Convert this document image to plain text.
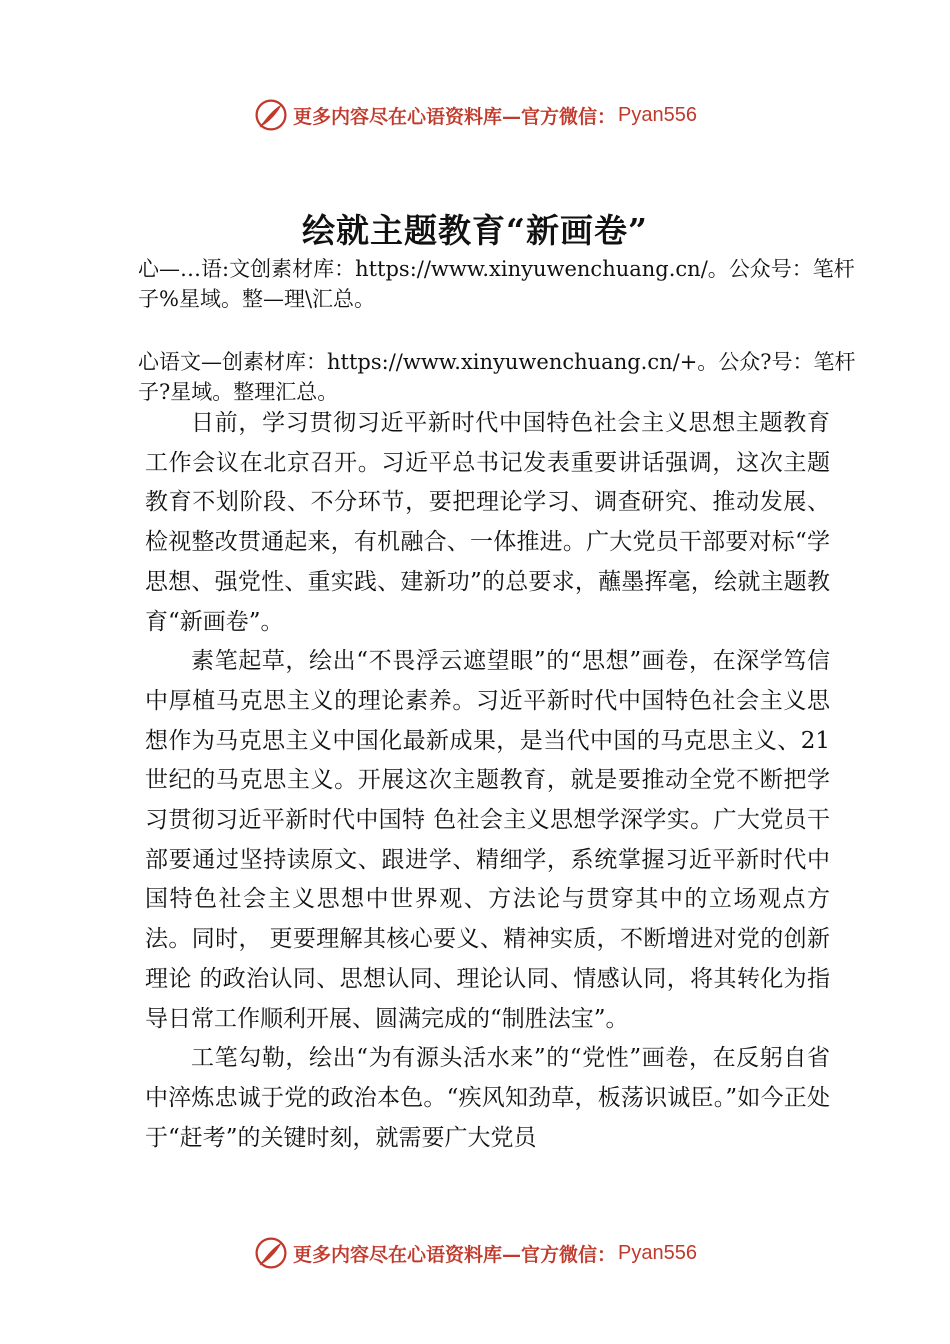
更多内容尽在心语资料库—官方微信： Pyan556
绘就主题教育“新画卷”
心—…语:文创素材库：https://www.xinyuwenchuang.cn/。公众号：笔杆子%星域。整—理\汇总。
心语文—创素材库：https://www.xinyuwenchuang.cn/+。公众?号：笔杆子?星域。整理汇总。

日前，学习贯彻习近平新时代中国特色社会主义思想主题教育工作会议在北京召开。习近平总书记发表重要讲话强调，这次主题教育不划阶段、不分环节，要把理论学习、调查研究、推动发展、检视整改贯通起来，有机融合、一体推进。广大党员干部要对标“学思想、强党性、重实践、建新功”的总要求，蘸墨挥毫，绘就主题教育“新画卷”。

素笔起草，绘出“不畏浮云遮望眼”的“思想”画卷，在深学笃信中厚植马克思主义的理论素养。习近平新时代中国特色社会主义思想作为马克思主义中国化最新成果，是当代中国的马克思主义、21 世纪的马克思主义。开展这次主题教育，就是要推动全党不断把学习贯彻习近平新时代中国特 色社会主义思想学深学实。广大党员干部要通过坚持读原文、跟进学、精细学，系统掌握习近平新时代中国特色社会主义思想中世界观、方法论与贯穿其中的立场观点方法。同时， 更要理解其核心要义、精神实质，不断增进对党的创新理论 的政治认同、思想认同、理论认同、情感认同，将其转化为指导日常工作顺利开展、圆满完成的“制胜法宝”。

工笔勾勒，绘出“为有源头活水来”的“党性”画卷，在反躬自省中淬炼忠诚于党的政治本色。“疾风知劲草，板荡识诚臣。”如今正处于“赶考”的关键时刻，就需要广大党员

更多内容尽在心语资料库—官方微信： Pyan556
